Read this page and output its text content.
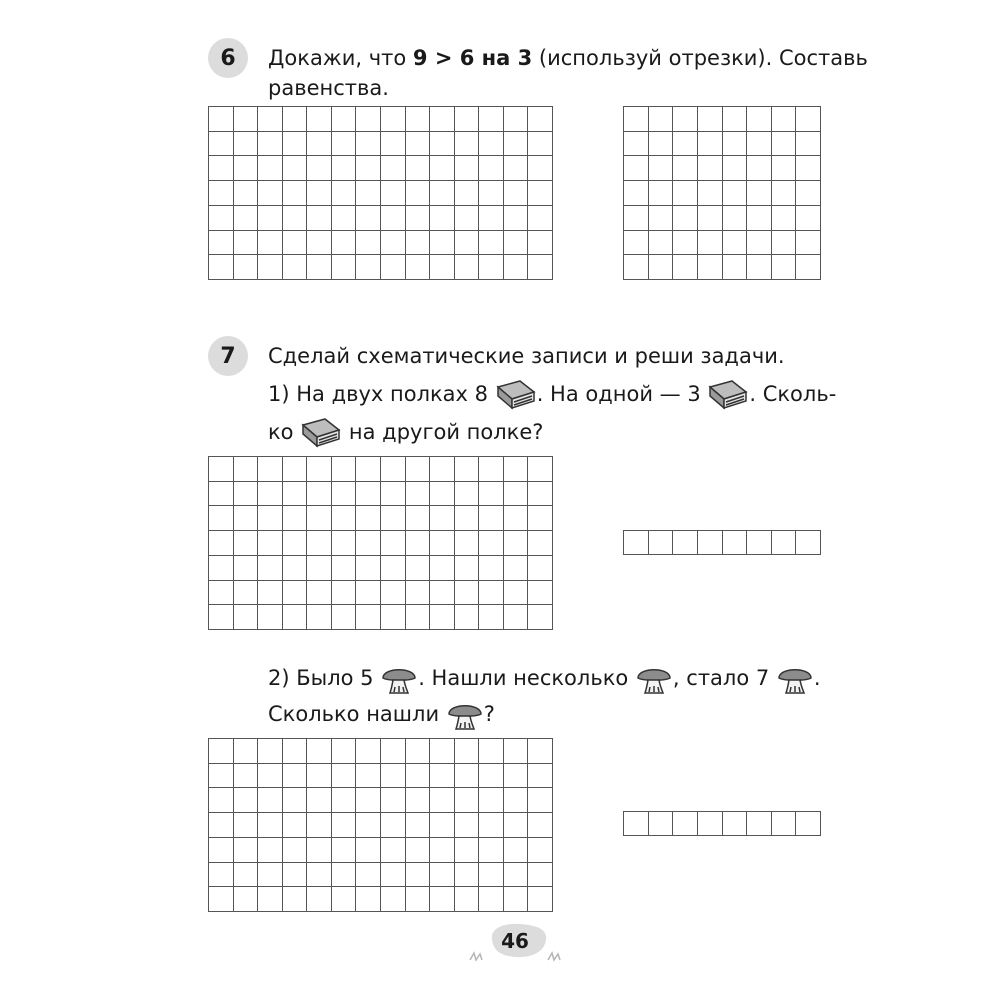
6 Докажи, что 9 > 6 на 3 (используй отрезки). Составь
равенства.
7 Сделай схематические записи и реши задачи.
1) На двух полках 8 . На одной — 3 . Сколь-
ко  на другой полке?
2) Было 5 . Нашли несколько , стало 7 .
Сколько нашли ?
46
